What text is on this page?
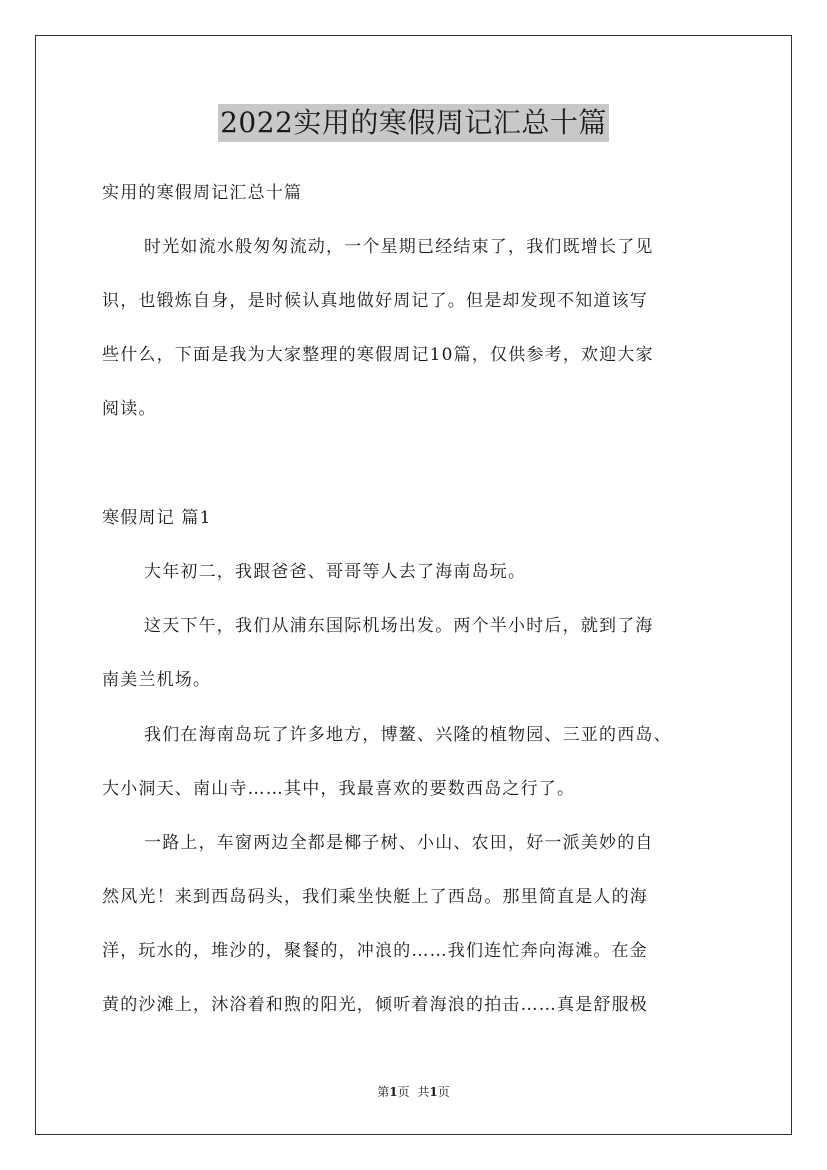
2022实用的寒假周记汇总十篇
实用的寒假周记汇总十篇
时光如流水般匆匆流动，一个星期已经结束了，我们既增长了见
识，也锻炼自身，是时候认真地做好周记了。但是却发现不知道该写
些什么，下面是我为大家整理的寒假周记10篇，仅供参考，欢迎大家
阅读。
寒假周记 篇1
大年初二，我跟爸爸、哥哥等人去了海南岛玩。
这天下午，我们从浦东国际机场出发。两个半小时后，就到了海
南美兰机场。
我们在海南岛玩了许多地方，博鳌、兴隆的植物园、三亚的西岛、
大小洞天、南山寺……其中，我最喜欢的要数西岛之行了。
一路上，车窗两边全都是椰子树、小山、农田，好一派美妙的自
然风光！来到西岛码头，我们乘坐快艇上了西岛。那里简直是人的海
洋，玩水的，堆沙的，聚餐的，冲浪的……我们连忙奔向海滩。在金
黄的沙滩上，沐浴着和煦的阳光，倾听着海浪的拍击……真是舒服极
第1页 共1页
